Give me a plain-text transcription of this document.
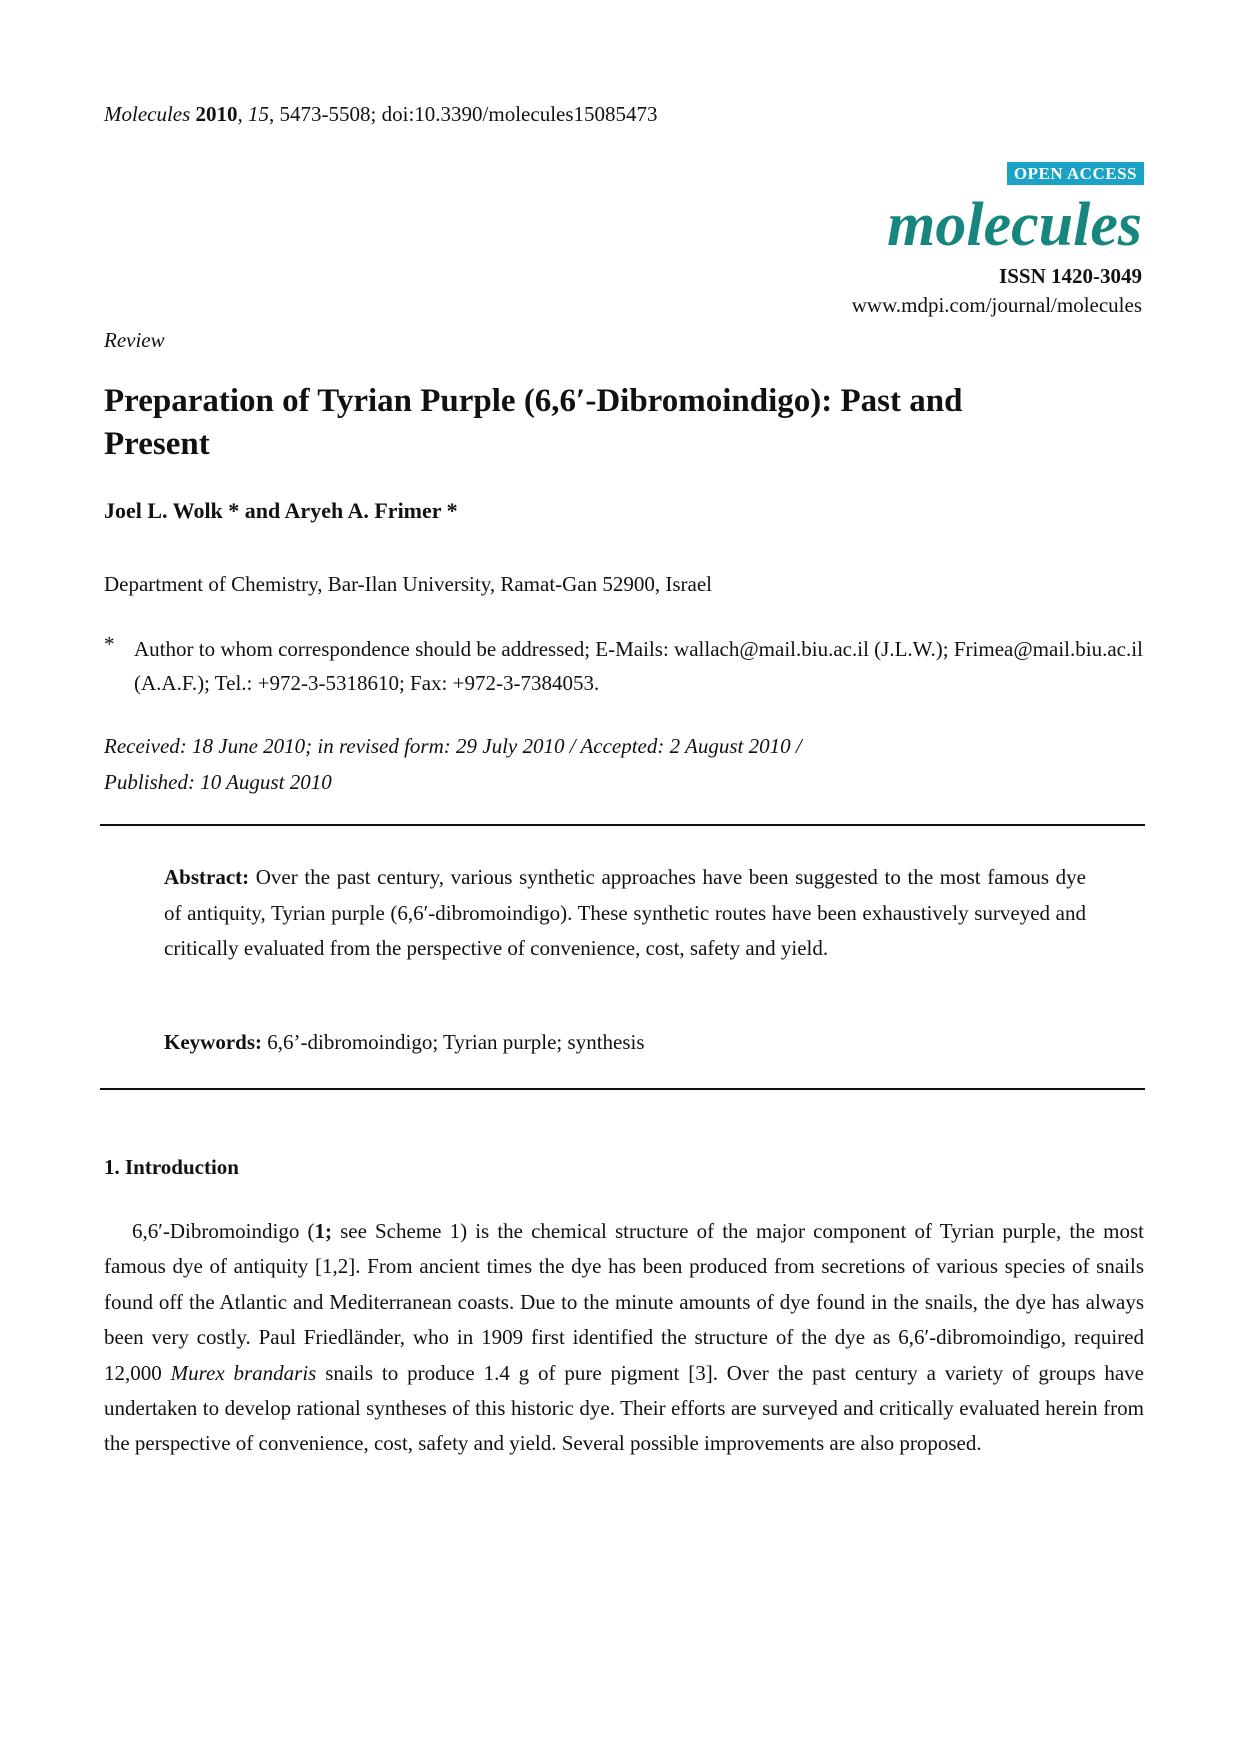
Molecules 2010, 15, 5473-5508; doi:10.3390/molecules15085473
OPEN ACCESS
molecules
ISSN 1420-3049
www.mdpi.com/journal/molecules
Review
Preparation of Tyrian Purple (6,6′-Dibromoindigo): Past and Present
Joel L. Wolk * and Aryeh A. Frimer *
Department of Chemistry, Bar-Ilan University, Ramat-Gan 52900, Israel
* Author to whom correspondence should be addressed; E-Mails: wallach@mail.biu.ac.il (J.L.W.); Frimea@mail.biu.ac.il (A.A.F.); Tel.: +972-3-5318610; Fax: +972-3-7384053.
Received: 18 June 2010; in revised form: 29 July 2010 / Accepted: 2 August 2010 /
Published: 10 August 2010
Abstract: Over the past century, various synthetic approaches have been suggested to the most famous dye of antiquity, Tyrian purple (6,6′-dibromoindigo). These synthetic routes have been exhaustively surveyed and critically evaluated from the perspective of convenience, cost, safety and yield.
Keywords: 6,6’-dibromoindigo; Tyrian purple; synthesis
1. Introduction

6,6′-Dibromoindigo (1; see Scheme 1) is the chemical structure of the major component of Tyrian purple, the most famous dye of antiquity [1,2]. From ancient times the dye has been produced from secretions of various species of snails found off the Atlantic and Mediterranean coasts. Due to the minute amounts of dye found in the snails, the dye has always been very costly. Paul Friedländer, who in 1909 first identified the structure of the dye as 6,6′-dibromoindigo, required 12,000 Murex brandaris snails to produce 1.4 g of pure pigment [3]. Over the past century a variety of groups have undertaken to develop rational syntheses of this historic dye. Their efforts are surveyed and critically evaluated herein from the perspective of convenience, cost, safety and yield. Several possible improvements are also proposed.
